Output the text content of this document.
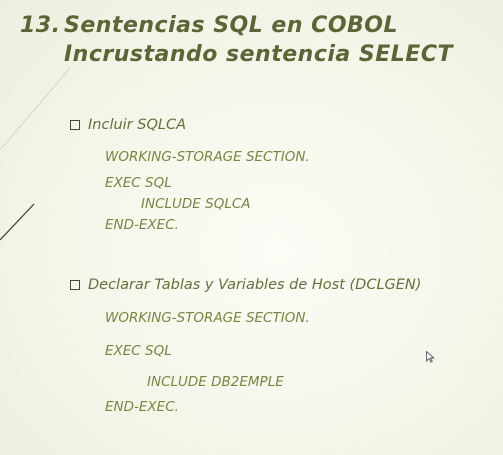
13. Sentencias SQL en COBOL
Incrustando sentencia SELECT
Incluir SQLCA
WORKING-STORAGE SECTION.
EXEC SQL
INCLUDE SQLCA
END-EXEC.
Declarar Tablas y Variables de Host (DCLGEN)
WORKING-STORAGE SECTION.
EXEC SQL
INCLUDE DB2EMPLE
END-EXEC.
